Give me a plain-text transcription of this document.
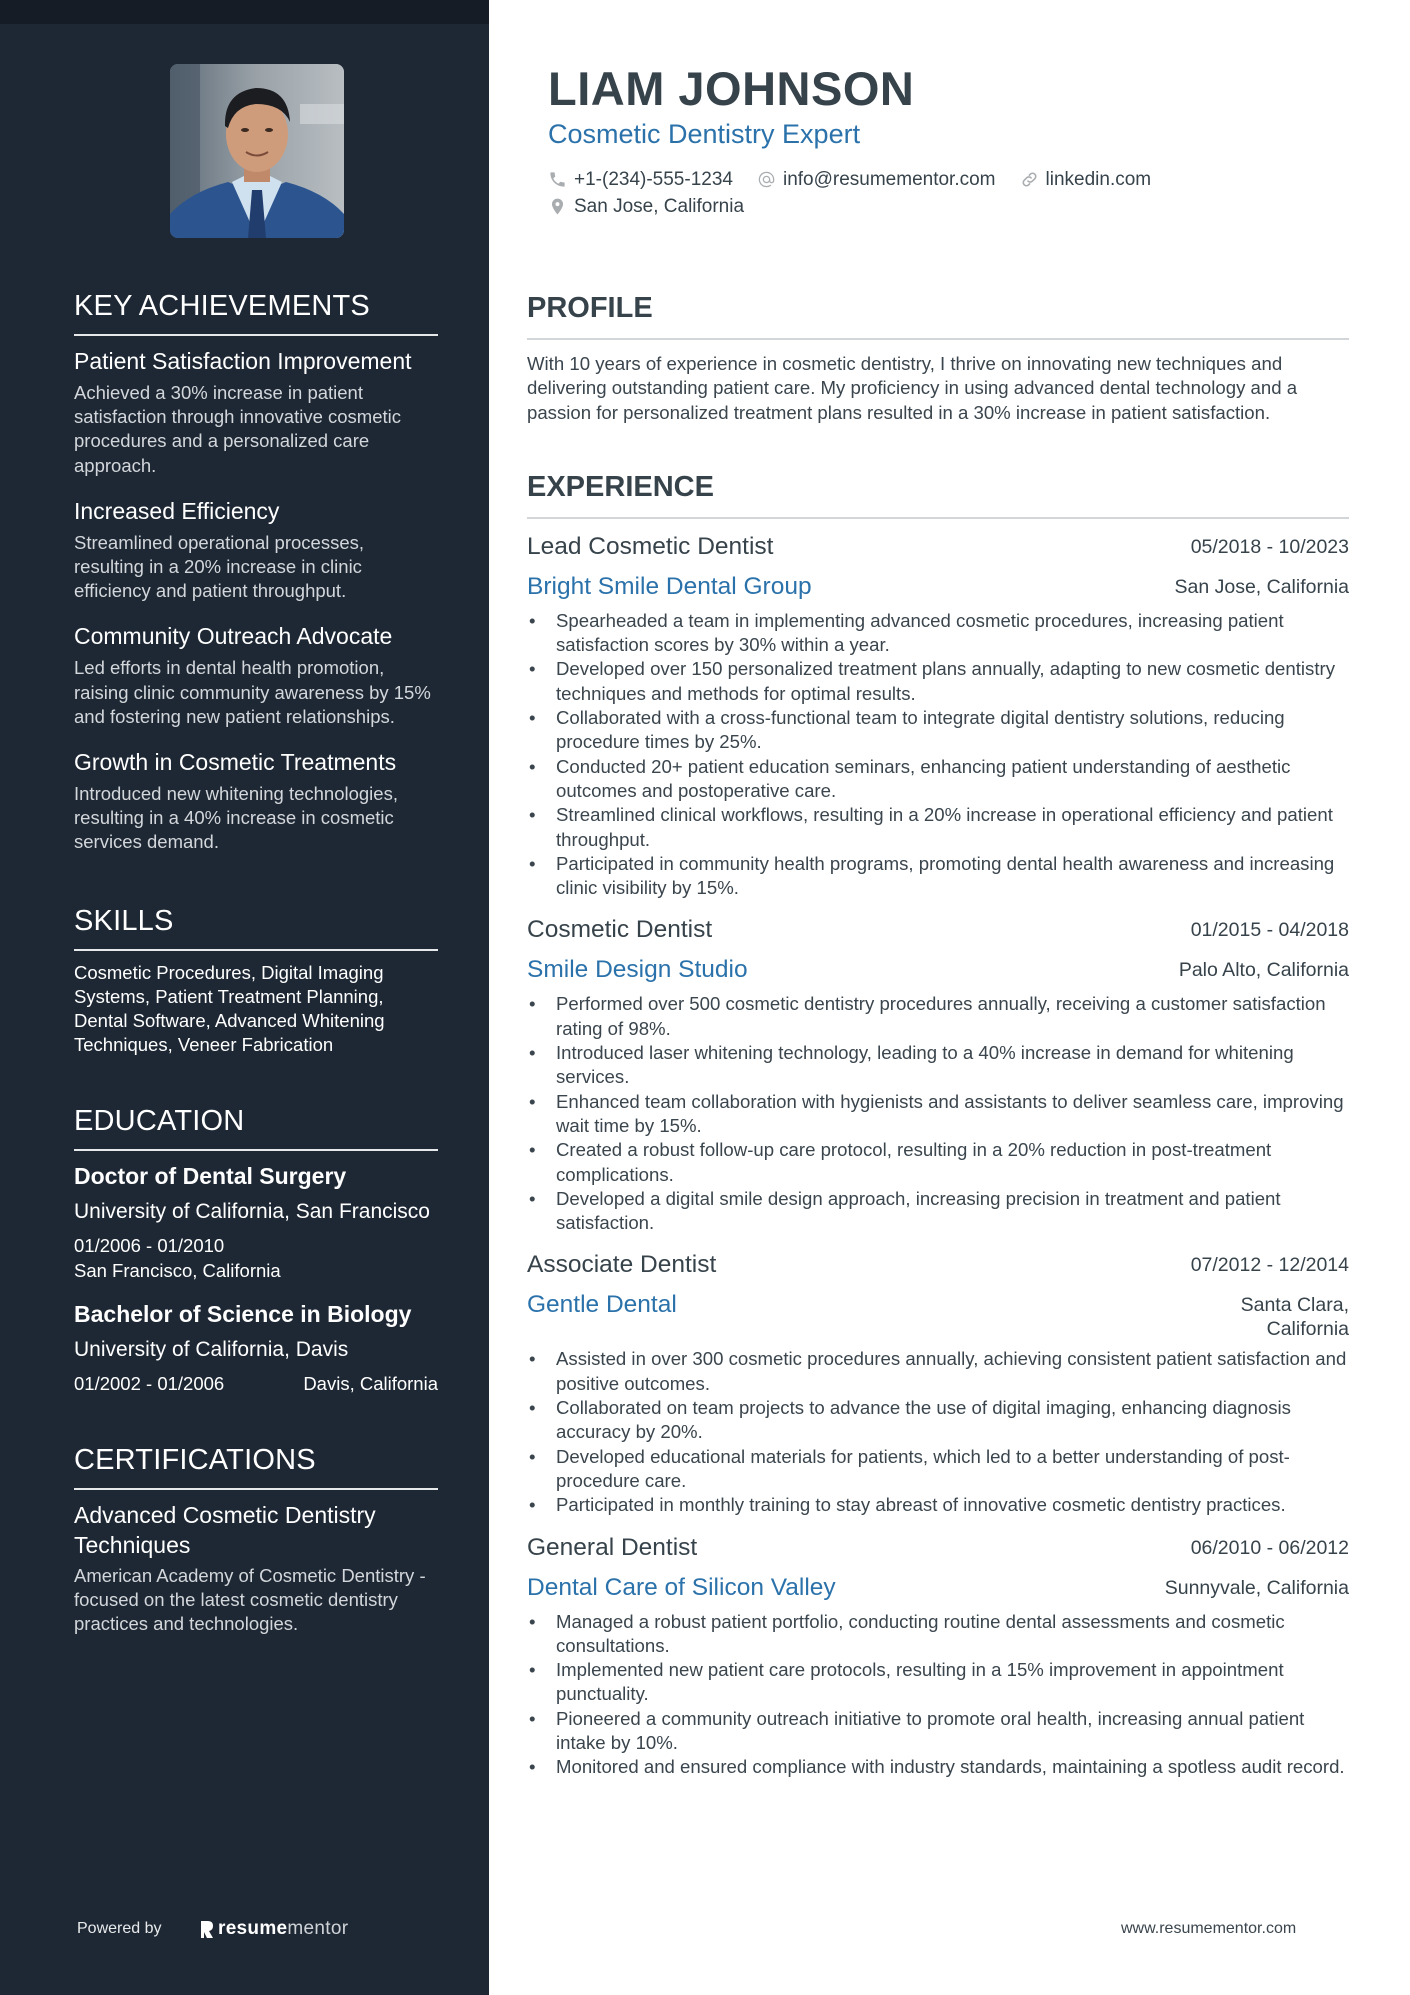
KEY ACHIEVEMENTS
Patient Satisfaction Improvement
Achieved a 30% increase in patient satisfaction through innovative cosmetic procedures and a personalized care approach.
Increased Efficiency
Streamlined operational processes, resulting in a 20% increase in clinic efficiency and patient throughput.
Community Outreach Advocate
Led efforts in dental health promotion, raising clinic community awareness by 15% and fostering new patient relationships.
Growth in Cosmetic Treatments
Introduced new whitening technologies, resulting in a 40% increase in cosmetic services demand.
SKILLS
Cosmetic Procedures, Digital Imaging Systems, Patient Treatment Planning, Dental Software, Advanced Whitening Techniques, Veneer Fabrication
EDUCATION
Doctor of Dental Surgery
University of California, San Francisco
01/2006 - 01/2010
San Francisco, California
Bachelor of Science in Biology
University of California, Davis
01/2002 - 01/2006	Davis, California
CERTIFICATIONS
Advanced Cosmetic Dentistry Techniques
American Academy of Cosmetic Dentistry - focused on the latest cosmetic dentistry practices and technologies.
Powered by	resume mentor
LIAM JOHNSON
Cosmetic Dentistry Expert
+1-(234)-555-1234	info@resumementor.com	linkedin.com
San Jose, California
PROFILE

With 10 years of experience in cosmetic dentistry, I thrive on innovating new techniques and delivering outstanding patient care. My proficiency in using advanced dental technology and a passion for personalized treatment plans resulted in a 30% increase in patient satisfaction.

EXPERIENCE
Lead Cosmetic Dentist	05/2018 - 10/2023
Bright Smile Dental Group	San Jose, California
• Spearheaded a team in implementing advanced cosmetic procedures, increasing patient satisfaction scores by 30% within a year.
• Developed over 150 personalized treatment plans annually, adapting to new cosmetic dentistry techniques and methods for optimal results.
• Collaborated with a cross-functional team to integrate digital dentistry solutions, reducing procedure times by 25%.
• Conducted 20+ patient education seminars, enhancing patient understanding of aesthetic outcomes and postoperative care.
• Streamlined clinical workflows, resulting in a 20% increase in operational efficiency and patient throughput.
• Participated in community health programs, promoting dental health awareness and increasing clinic visibility by 15%.
Cosmetic Dentist	01/2015 - 04/2018
Smile Design Studio	Palo Alto, California
• Performed over 500 cosmetic dentistry procedures annually, receiving a customer satisfaction rating of 98%.
• Introduced laser whitening technology, leading to a 40% increase in demand for whitening services.
• Enhanced team collaboration with hygienists and assistants to deliver seamless care, improving wait time by 15%.
• Created a robust follow-up care protocol, resulting in a 20% reduction in post-treatment complications.
• Developed a digital smile design approach, increasing precision in treatment and patient satisfaction.
Associate Dentist	07/2012 - 12/2014
Gentle Dental	Santa Clara, California
• Assisted in over 300 cosmetic procedures annually, achieving consistent patient satisfaction and positive outcomes.
• Collaborated on team projects to advance the use of digital imaging, enhancing diagnosis accuracy by 20%.
• Developed educational materials for patients, which led to a better understanding of post-procedure care.
• Participated in monthly training to stay abreast of innovative cosmetic dentistry practices.
General Dentist	06/2010 - 06/2012
Dental Care of Silicon Valley	Sunnyvale, California
• Managed a robust patient portfolio, conducting routine dental assessments and cosmetic consultations.
• Implemented new patient care protocols, resulting in a 15% improvement in appointment punctuality.
• Pioneered a community outreach initiative to promote oral health, increasing annual patient intake by 10%.
• Monitored and ensured compliance with industry standards, maintaining a spotless audit record.
www.resumementor.com
